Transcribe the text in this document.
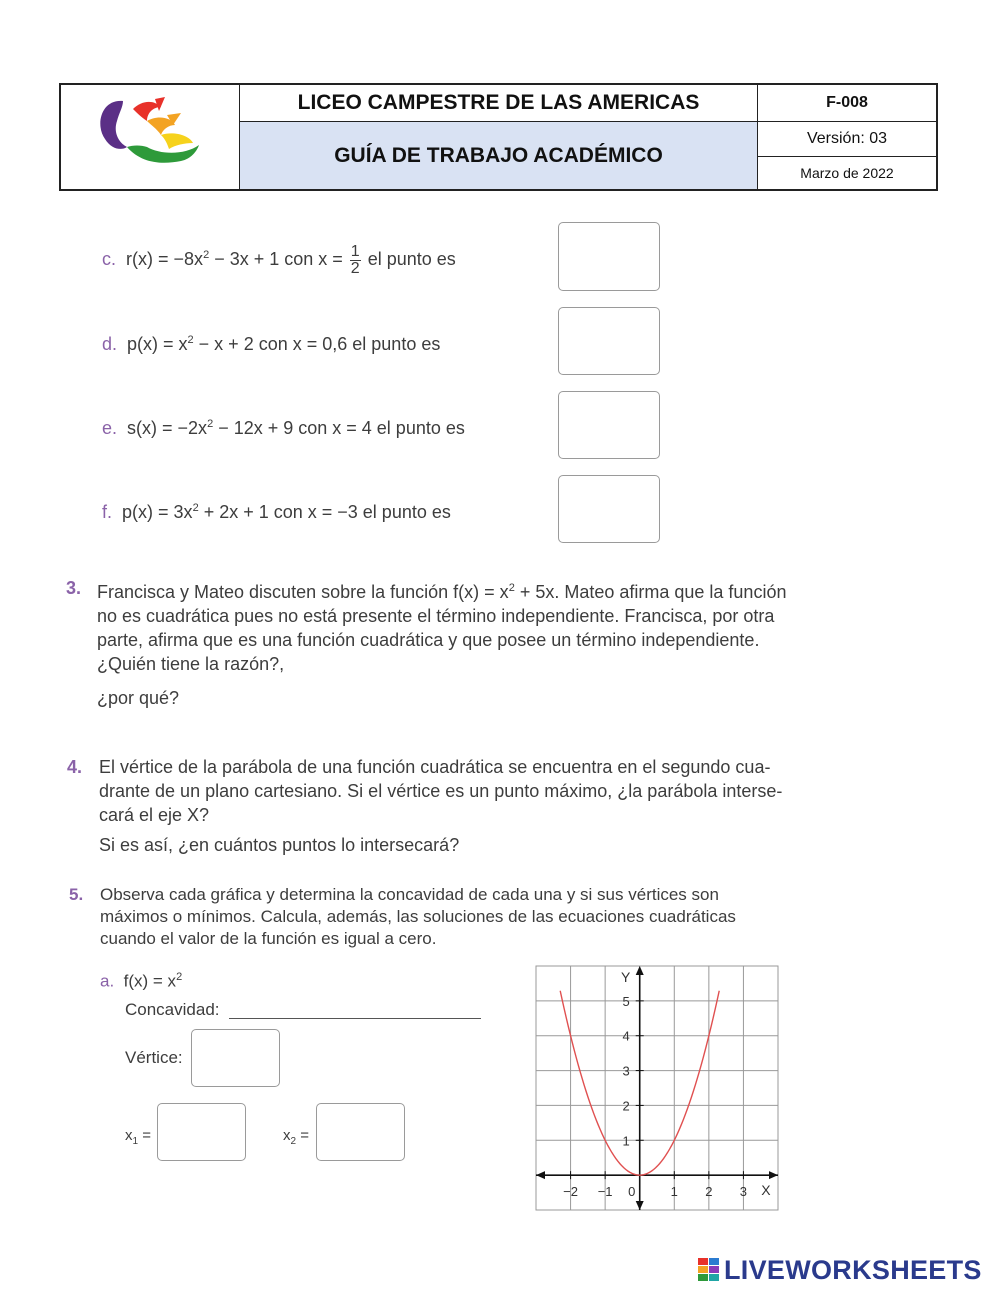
LICEO CAMPESTRE DE LAS AMERICAS
GUÍA DE TRABAJO ACADÉMICO
F-008
Versión: 03
Marzo de 2022
c. $r(x) = -8x^2 - 3x + 1$ con $x = \frac{1}{2}$ el punto es
d. $p(x) = x^2 - x + 2$ con x = 0,6 el punto es
e. $s(x) = -2x^2 - 12x + 9$ con x = 4 el punto es
f. $p(x) = 3x^2 + 2x + 1$ con x = −3 el punto es
3. Francisca y Mateo discuten sobre la función $f(x) = x^2 + 5x$. Mateo afirma que la función
no es cuadrática pues no está presente el término independiente. Francisca, por otra
parte, afirma que es una función cuadrática y que posee un término independiente.
¿Quién tiene la razón?,
¿por qué?
4. El vértice de la parábola de una función cuadrática se encuentra en el segundo cua-
drante de un plano cartesiano. Si el vértice es un punto máximo, ¿la parábola interse-
cará el eje X?
Si es así, ¿en cuántos puntos lo intersecará?
5. Observa cada gráfica y determina la concavidad de cada una y si sus vértices son
máximos o mínimos. Calcula, además, las soluciones de las ecuaciones cuadráticas
cuando el valor de la función es igual a cero.
a. $f(x) = x^2$
Concavidad:
Vértice:
$x_1$ =	$x_2$ =
−2 −1 0	1 2 3
1
2
3
4
5
X
Y
LIVEWORKSHEETS
